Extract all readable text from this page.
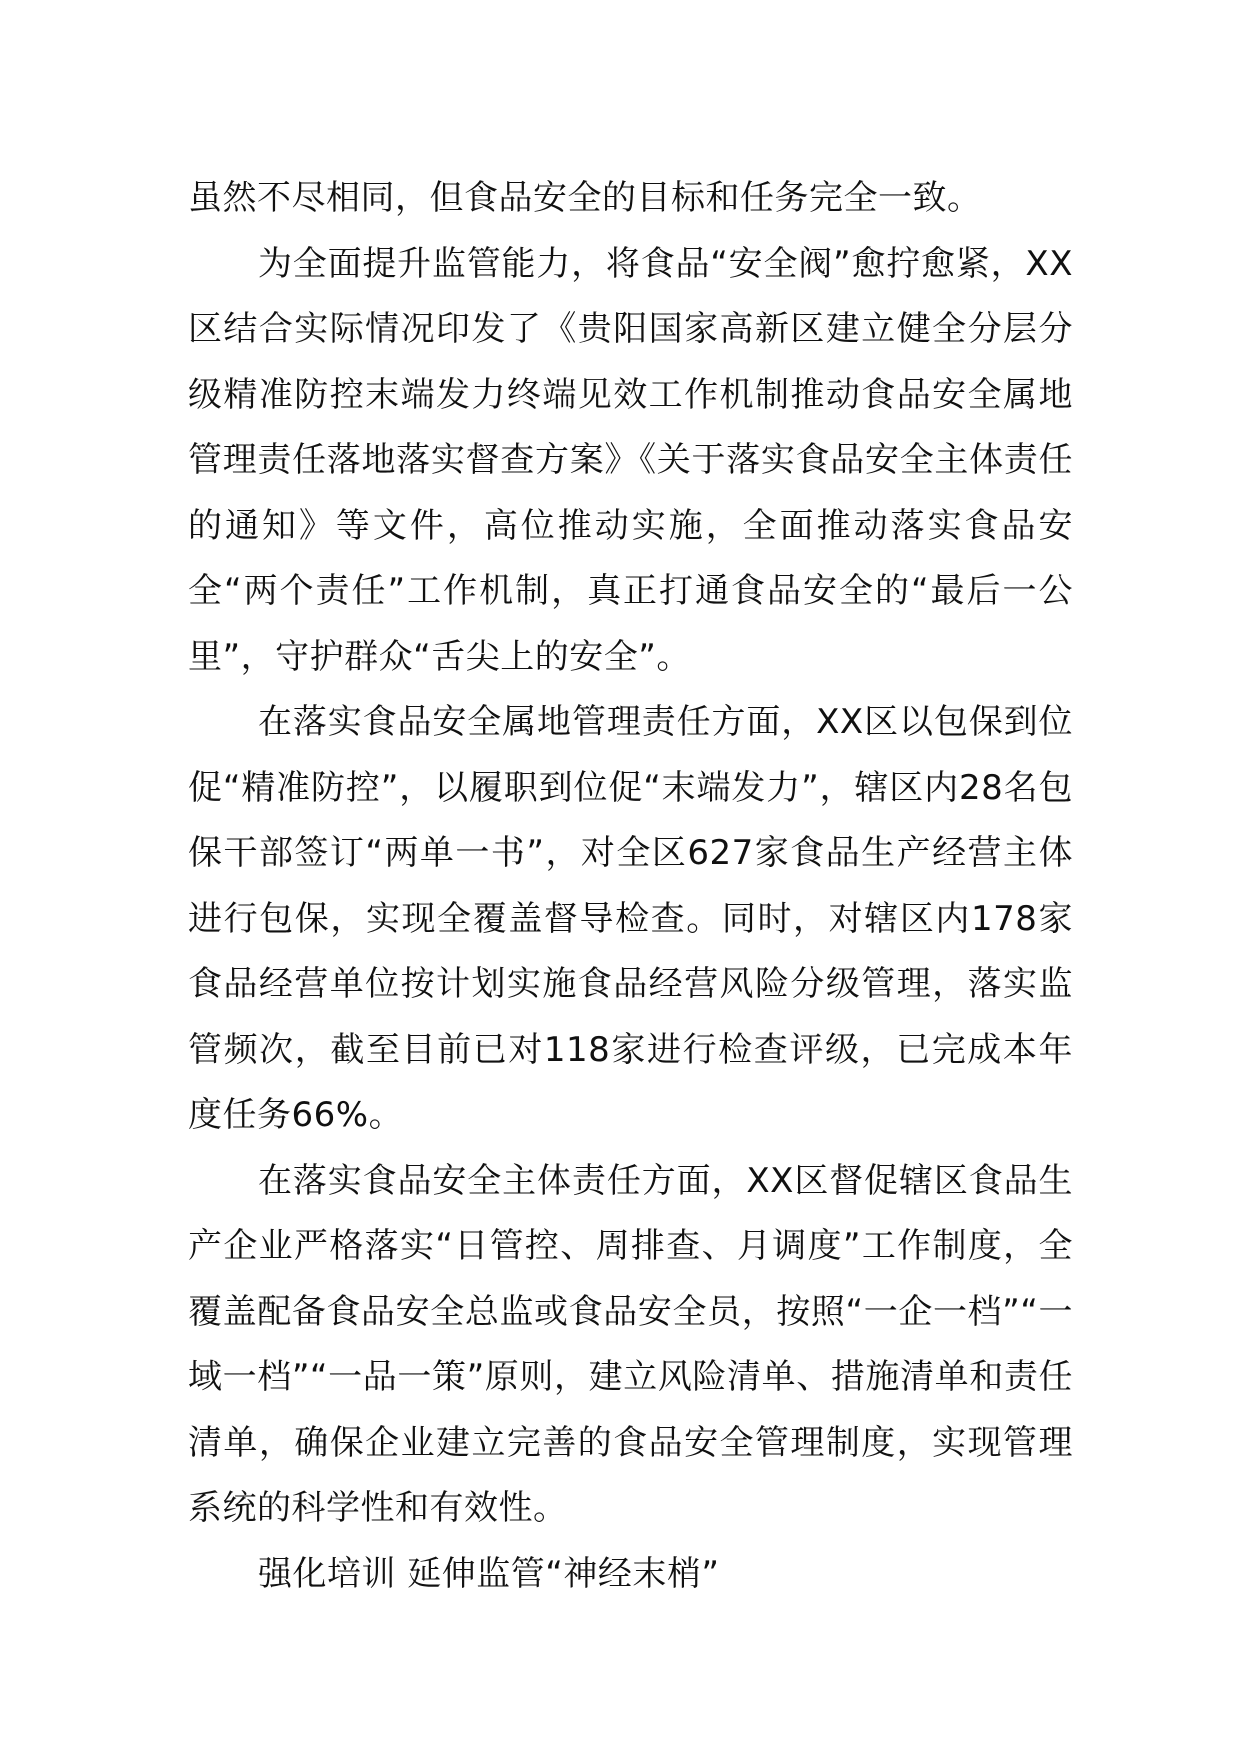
虽然不尽相同，但食品安全的目标和任务完全一致。

为全面提升监管能力，将食品“安全阀”愈拧愈紧，XX区结合实际情况印发了《贵阳国家高新区建立健全分层分级精准防控末端发力终端见效工作机制推动食品安全属地管理责任落地落实督查方案》《关于落实食品安全主体责任的通知》等文件，高位推动实施，全面推动落实食品安全“两个责任”工作机制，真正打通食品安全的“最后一公里”，守护群众“舌尖上的安全”。

在落实食品安全属地管理责任方面，XX区以包保到位促“精准防控”，以履职到位促“末端发力”，辖区内28名包保干部签订“两单一书”，对全区627家食品生产经营主体进行包保，实现全覆盖督导检查。同时，对辖区内178家食品经营单位按计划实施食品经营风险分级管理，落实监管频次，截至目前已对118家进行检查评级，已完成本年度任务66%。

在落实食品安全主体责任方面，XX区督促辖区食品生产企业严格落实“日管控、周排查、月调度”工作制度，全覆盖配备食品安全总监或食品安全员，按照“一企一档”“一域一档”“一品一策”原则，建立风险清单、措施清单和责任清单，确保企业建立完善的食品安全管理制度，实现管理系统的科学性和有效性。

强化培训 延伸监管“神经末梢”
